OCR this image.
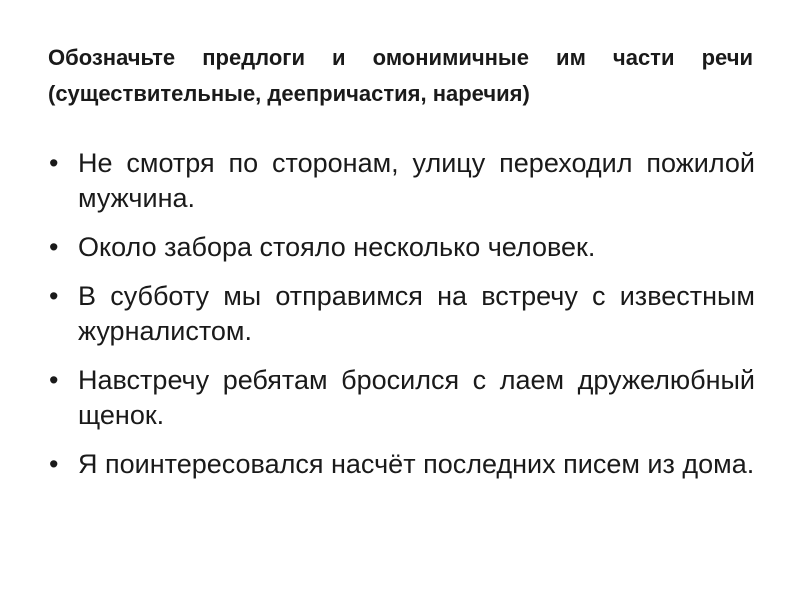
Обозначьте предлоги и омонимичные им части речи (существительные, деепричастия, наречия)
• Не смотря по сторонам, улицу переходил пожилой мужчина.
• Около забора стояло несколько человек.
• В субботу мы отправимся на встречу с известным журналистом.
• Навстречу ребятам бросился с лаем дружелюбный щенок.
• Я поинтересовался насчёт последних писем из дома.
